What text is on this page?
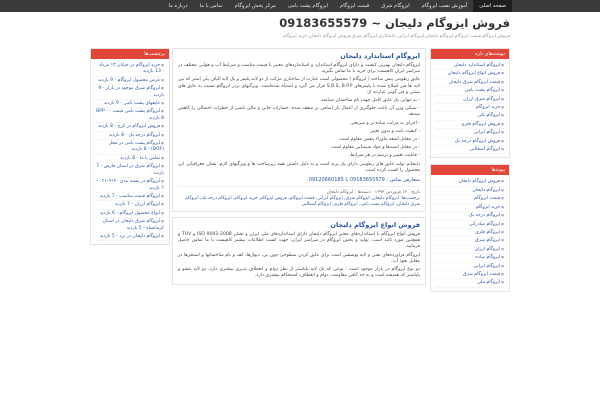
صفحه اصلی
آموزش نصب ایزوگام
ایزوگام شرق
قیمت ایزوگام
ایزوگام پشت بامی
مرکز پخش ایزوگام
تماس با ما
درباره ما
فروش ایزوگام دلیجان ~ 09183655579
فروش ایزوگام,قیمت ایزوگام,ایزوگام دلیجان,ایزوگام ایرانی,عایقکاری,ایزوگام شرق,فروش ایزوگام دلیجان,خرید ایزوگام
برچسب‌ها
■ خرید ایزوگام در خیابان ۱۳ مرداد - 13 بازدید
■ عرض محصول ایزوگام - 9 بازدید
■ ایزوگام شرق موجود در بازار - 9 بازدید
■ عایقهای پشت بامی - 9 بازدید
■ ایزوگام پشت بامی قیمت - BPP - 8 بازدید
■ فروش ایزوگام در کرج - 8 بازدید
■ ایزوگام درجه یک - 8 بازدید
■ ایزوگام پشت بامی در محل (BOF) - 8 بازدید
■ تماس با ما - 8 بازدید
■ ایزوگام شرق در استان فارس - 7 بازدید
■ ایزوگام در بسته بندی ۹۱۴۰-۰۲۱ - 7 بازدید
■ ایزوگام قیمت مناسب - 7 بازدید
■ ایزوگام ارزان - 7 بازدید
■ انواع محصول ایزوگام - 6 بازدید
■ ایزوگام شرق دلیجان در استان کرمانشاه - 5 بازدید
■ ایزوگام دلیجان در یزد - 5 بازدید
ایزوگام استاندارد دلیجان

ایزوگام دلیجان بهترین کیفیت و دارای ایزوگام استاندارد و استانداردهای معتبر با قیمت مناسب و شرایط آب و هوایی مختلف در سراسر ایران کاهیست برای خرید با ما تماس بگیرید.

عایق رطوبتی پیش ساخته ( ایزوگام ) محصولی است عبارت از ساختاری مرکب از دو لایه پلیمر و یک لایه الیاف پلی استر که بین لایه ها قیر اصلاح شده با پلیمرهای S.B.S, B.P.P قرار می گیرد و اشتباه شده‌است. ویژگیهای برتر ایزوگام نسبت به عایق های سنتی و قیر گونی عبارتند از:

- به تنهایی یک عایق کامل جهت بام ساختمان میباشد.

- سبکی وزن آن باعث جلوگیری از اعمال بار اضافی بر سقف شده، خسارات جانی و مالی ناشی از خطرات احتمالی را کاهش میدهد.

- اجرای به مراتب ساده تر و سریعتر.

- کیفیت ثابت و بدون تغییر.

- در مقابل اشعه ماوراء بنفش مقاوم است.

- در مقابل اسیدها و مواد شیمیایی مقاوم است.

- قابلیت تعمیر و ترمیم در هر شرایط.

دلیجانم تولید عایق های رطوبتی دارای یک برند است و به دلیل داشتن همه زیرساخت ها و ویژگیهای لازم، نشان جغرافیایی این محصول را کسب کرده است.

سفارش تماس : 09183655579 یا 09120660185
تاریخ : ۱۲ فروردین ۱۳۹۳ · دسته‌ها : ایزوگام دلیجان
برچسب‌ها: ایزوگام دلیجان, ایزوگام شرق, ایزوگام ایرانی, قیمت ایزوگام, فروش ایزوگام, خرید ایزوگام, ایزوگام درجه یک, ایزوگام شرق دلیجان, ایزوگام پشت بامی, ایزوگام فلزی, ایزوگام آسفالتی
فروش انواع ایزوگام دلیجان

فروش انواع ایزوگام با استانداردهای معتبر ایزوگام دلیجان دارای استانداردهای ملی ایران و نشان ISO 9001-2008 و TUV و همچنین مورد تائید است. تولید و پخش ایزوگام در سراسر ایران، جهت کسب اطلاعات بیشتر کاهیست با ما تماس حاصل فرمایید.

ایزوگام فراورده‌های نفتی و لایه پوششی است برای عایق کردن سطوحی چون پی، دیوارها، کف و بام ساختمانها و استخرها در مقابل نفوذ آب.

دو نوع ایزوگام در بازار موجود است : نوعی که تک لایه پلیاستر از نظر دوام و انعطاف پذیری بیشتری دارد، دو لایه تنشو و پلیاستر که همیشه است و به حد کافی مقاومت، دوام و انعطاف، استحکام بیشتری دارد.

نوشته‌های تازه
■ ایزوگام استاندارد دلیجان
■ فروش انواع ایزوگام دلیجان
■ قیمت ایزوگام شرق دلیجان
■ ایزوگام پشت بامی
■ ایزوگام شرق ارزان
■ خرید ایزوگام
■ ایزوگام تکی
■ فروش ایزوگام فلزی
■ ایزوگام ایرانی
■ فروش ایزوگام درجه یک
■ ایزوگام آسفالتی
پیوندها
■ فروش ایزوگام دلیجان
■ ایزوگام دلیجان
■ قیمت ایزوگام
■ خرید ایزوگام
■ ایزوگام درجه یک
■ ایزوگام صادراتی
■ ایزوگام فلزی
■ ایزوگام شرق
■ ایزوگام ارزان
■ ایزوگام ساده
■ ایزوگام ایرانی
■ قیمت ایزوگام شرق
■ ایزوگام ملی
